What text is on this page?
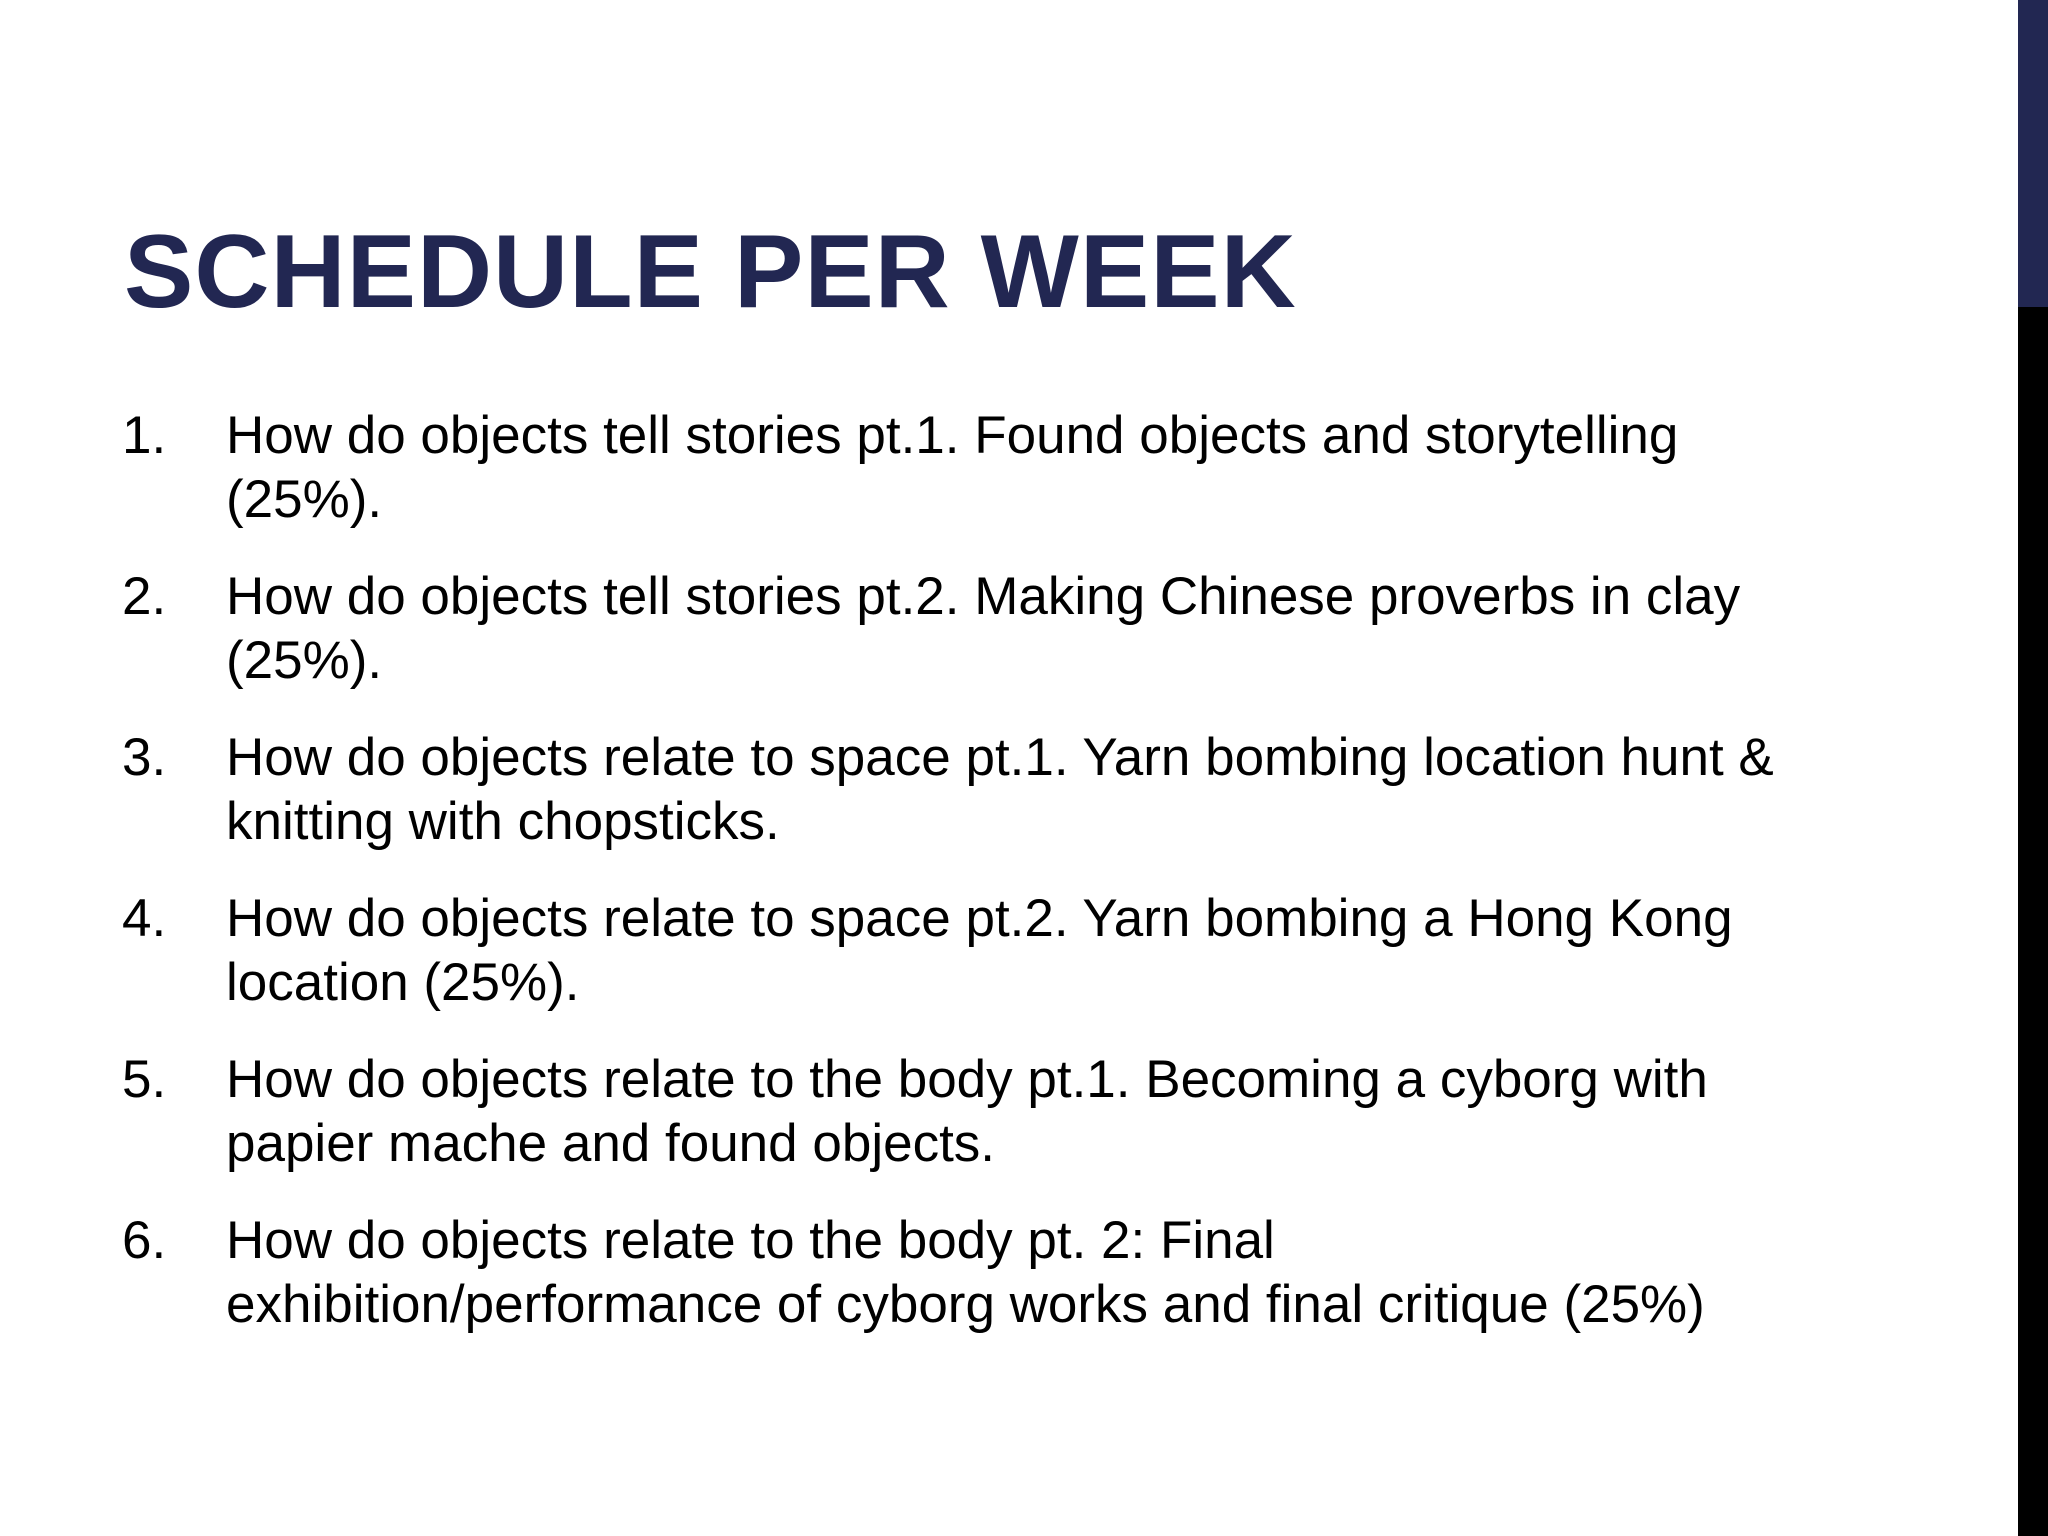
SCHEDULE PER WEEK
1.	How do objects tell stories pt.1. Found objects and storytelling (25%).
2.	How do objects tell stories pt.2. Making Chinese proverbs in clay (25%).
3.	How do objects relate to space pt.1. Yarn bombing location hunt & knitting with chopsticks.
4.	How do objects relate to space pt.2. Yarn bombing a Hong Kong location (25%).
5.	How do objects relate to the body pt.1. Becoming a cyborg with papier mache and found objects.
6.	How do objects relate to the body pt. 2: Final exhibition/performance of cyborg works and final critique (25%)
